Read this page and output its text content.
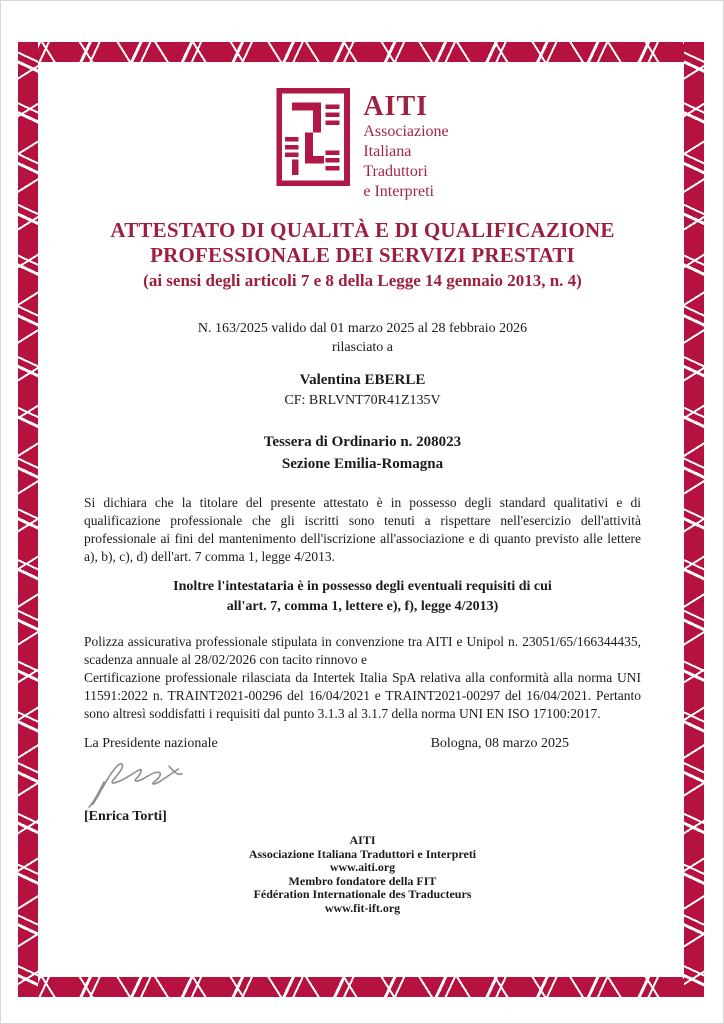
AITI
Associazione
Italiana
Traduttori
e Interpreti
ATTESTATO DI QUALITÀ E DI QUALIFICAZIONE
PROFESSIONALE DEI SERVIZI PRESTATI
(ai sensi degli articoli 7 e 8 della Legge 14 gennaio 2013, n. 4)
N. 163/2025 valido dal 01 marzo 2025 al 28 febbraio 2026
rilasciato a
Valentina EBERLE
CF: BRLVNT70R41Z135V
Tessera di Ordinario n. 208023
Sezione Emilia-Romagna
Si dichiara che la titolare del presente attestato è in possesso degli standard qualitativi e di qualificazione professionale che gli iscritti sono tenuti a rispettare nell'esercizio dell'attività professionale ai fini del mantenimento dell'iscrizione all'associazione e di quanto previsto alle lettere a), b), c), d) dell'art. 7 comma 1, legge 4/2013.
Inoltre l'intestataria è in possesso degli eventuali requisiti di cui
all'art. 7, comma 1, lettere e), f), legge 4/2013)
Polizza assicurativa professionale stipulata in convenzione tra AITI e Unipol n. 23051/65/166344435, scadenza annuale al 28/02/2026 con tacito rinnovo e
Certificazione professionale rilasciata da Intertek Italia SpA relativa alla conformità alla norma UNI 11591:2022 n. TRAINT2021-00296 del 16/04/2021 e TRAINT2021-00297 del 16/04/2021. Pertanto sono altresì soddisfatti i requisiti dal punto 3.1.3 al 3.1.7 della norma UNI EN ISO 17100:2017.
La Presidente nazionale	Bologna, 08 marzo 2025
[Enrica Torti]
AITI
Associazione Italiana Traduttori e Interpreti
www.aiti.org
Membro fondatore della FIT
Fédération Internationale des Traducteurs
www.fit-ift.org
